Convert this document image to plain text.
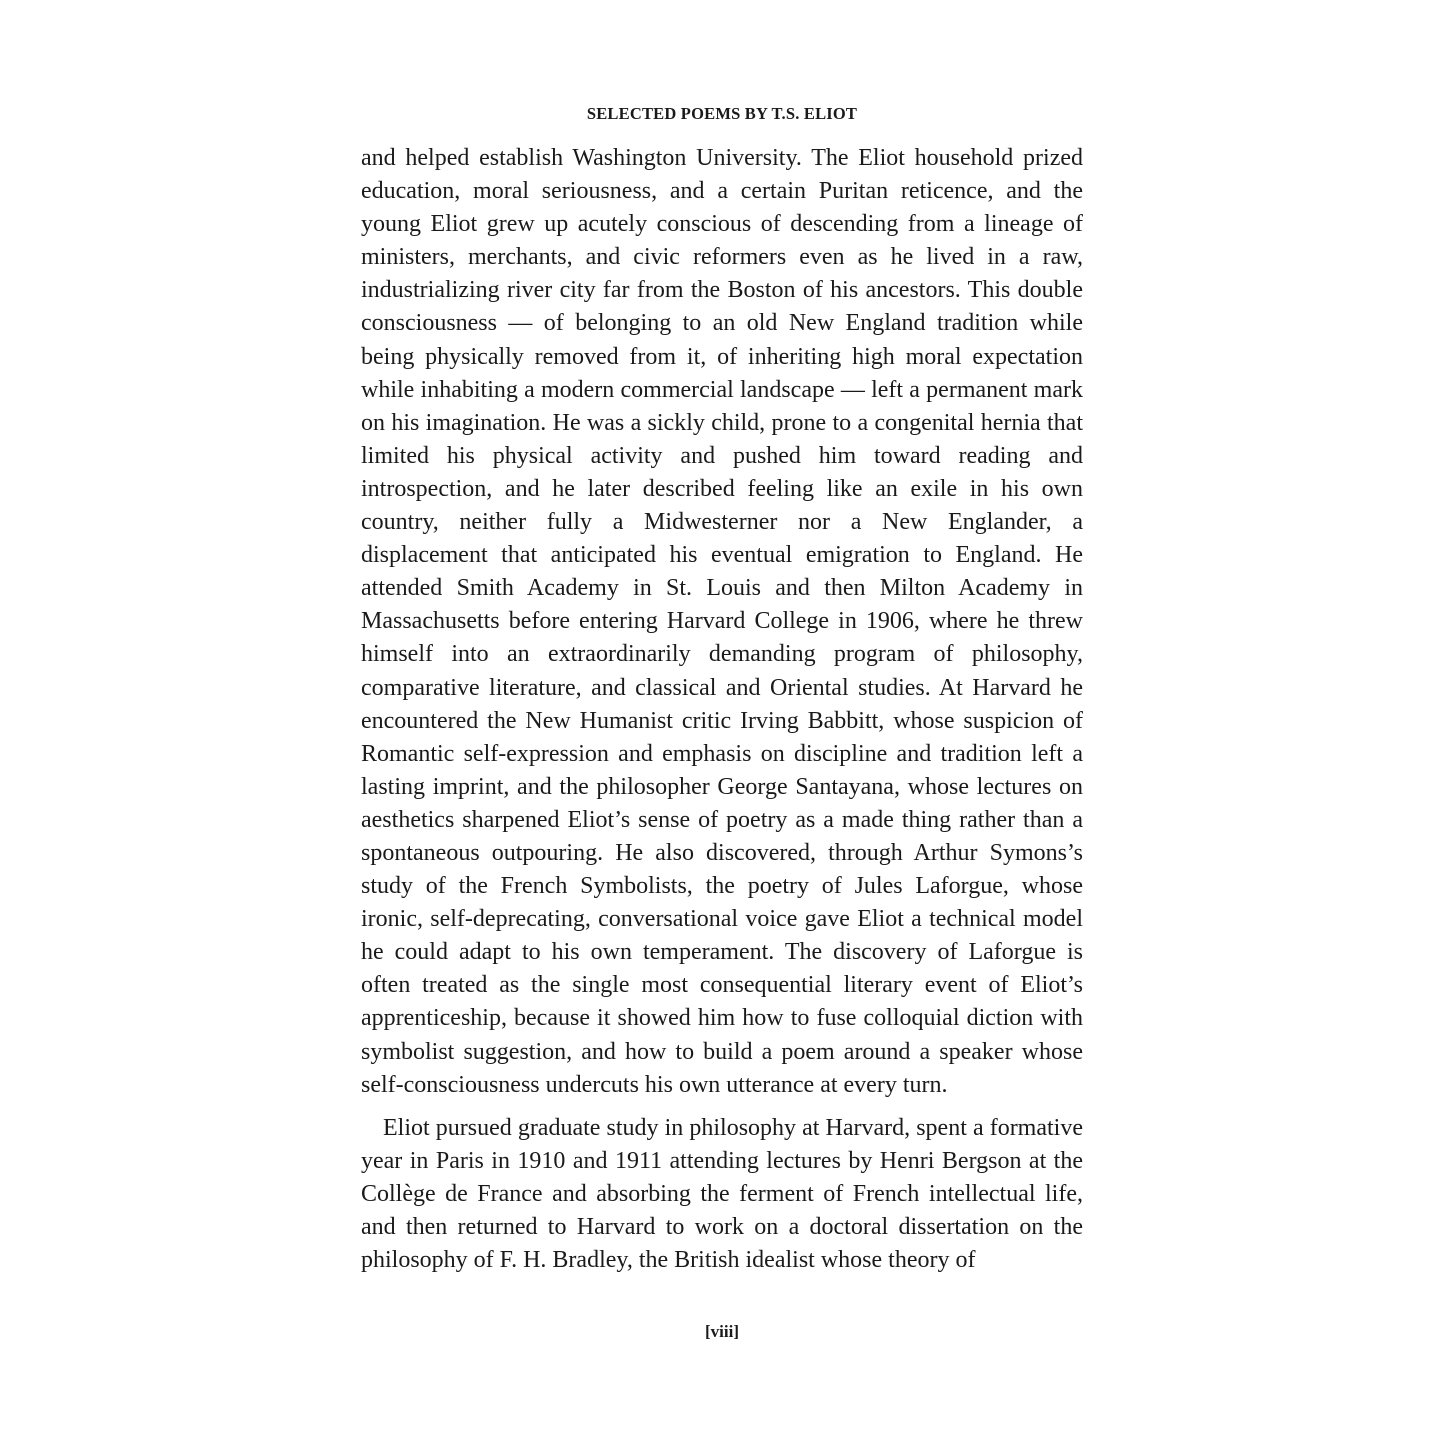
SELECTED POEMS BY T.S. ELIOT

and helped establish Washington University. The Eliot household prized education, moral seriousness, and a certain Puritan reticence, and the young Eliot grew up acutely conscious of descending from a lineage of ministers, merchants, and civic reformers even as he lived in a raw, industrializing river city far from the Boston of his ancestors. This double consciousness — of belonging to an old New England tradition while being physically removed from it, of inheriting high moral expectation while inhabiting a modern commercial landscape — left a permanent mark on his imagination. He was a sickly child, prone to a congenital hernia that limited his physical activity and pushed him toward reading and introspection, and he later described feeling like an exile in his own country, neither fully a Midwesterner nor a New Englander, a displacement that anticipated his eventual emigration to England. He attended Smith Academy in St. Louis and then Milton Academy in Massachusetts before entering Harvard College in 1906, where he threw himself into an extraordinarily demanding program of philosophy, comparative literature, and classical and Oriental studies. At Harvard he encountered the New Humanist critic Irving Babbitt, whose suspicion of Romantic self-expression and emphasis on discipline and tradition left a lasting imprint, and the philosopher George Santayana, whose lectures on aesthetics sharpened Eliot’s sense of poetry as a made thing rather than a spontaneous outpouring. He also discovered, through Arthur Symons’s study of the French Symbolists, the poetry of Jules Laforgue, whose ironic, self-deprecating, conversational voice gave Eliot a technical model he could adapt to his own temperament. The discovery of Laforgue is often treated as the single most consequential literary event of Eliot’s apprenticeship, because it showed him how to fuse colloquial diction with symbolist suggestion, and how to build a poem around a speaker whose self-consciousness undercuts his own utterance at every turn.

Eliot pursued graduate study in philosophy at Harvard, spent a formative year in Paris in 1910 and 1911 attending lectures by Henri Bergson at the Collège de France and absorbing the ferment of French intellectual life, and then returned to Harvard to work on a doctoral dissertation on the philosophy of F. H. Bradley, the British idealist whose theory of

[viii]
